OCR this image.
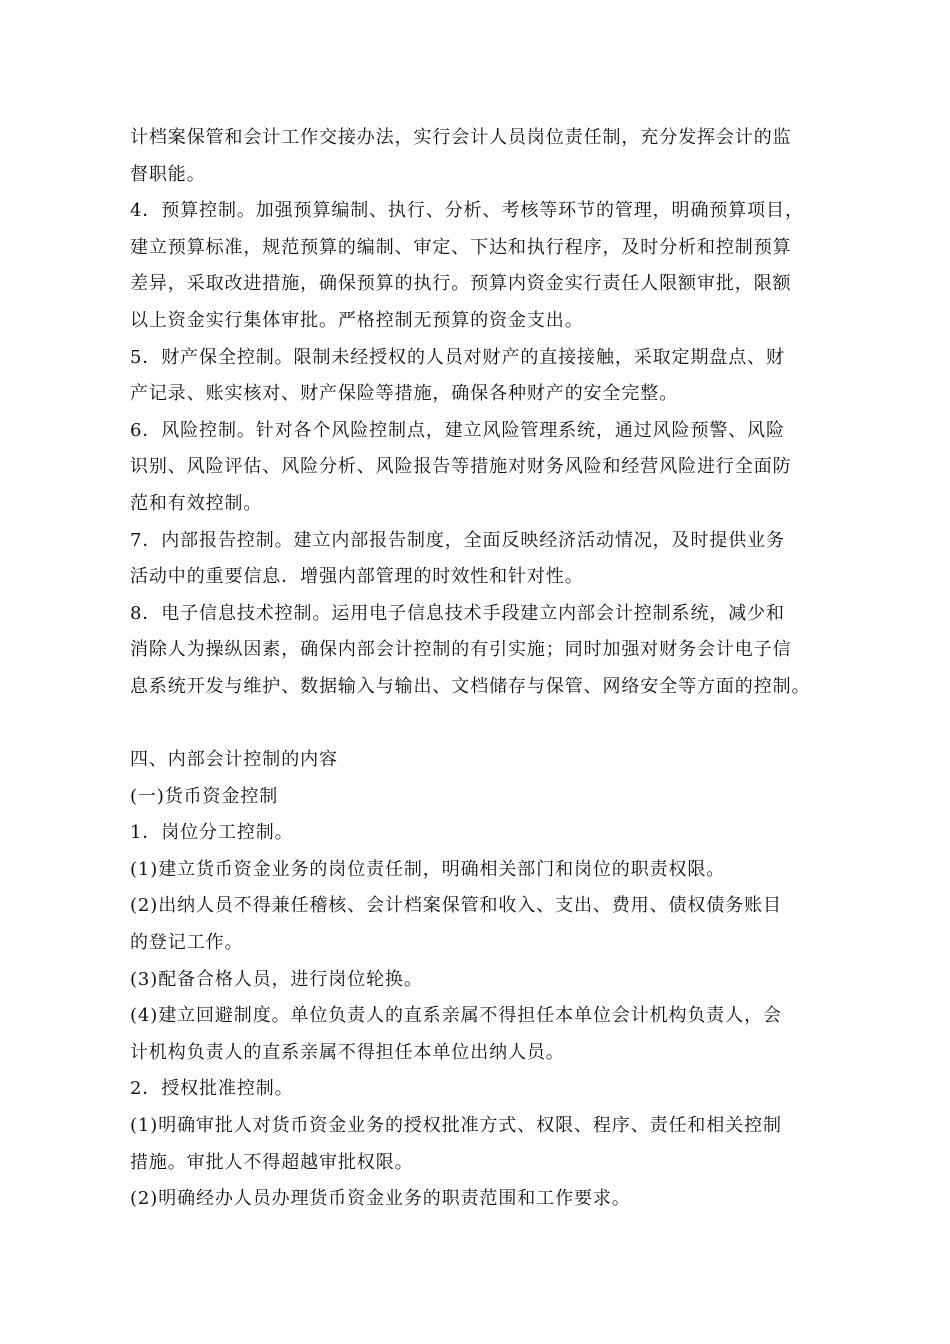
计档案保管和会计工作交接办法，实行会计人员岗位责任制，充分发挥会计的监
督职能。
4．预算控制。加强预算编制、执行、分析、考核等环节的管理，明确预算项目，
建立预算标准，规范预算的编制、审定、下达和执行程序，及时分析和控制预算
差异，采取改进措施，确保预算的执行。预算内资金实行责任人限额审批，限额
以上资金实行集体审批。严格控制无预算的资金支出。
5．财产保全控制。限制未经授权的人员对财产的直接接触，采取定期盘点、财
产记录、账实核对、财产保险等措施，确保各种财产的安全完整。
6．风险控制。针对各个风险控制点，建立风险管理系统，通过风险预警、风险
识别、风险评估、风险分析、风险报告等措施对财务风险和经营风险进行全面防
范和有效控制。
7．内部报告控制。建立内部报告制度，全面反映经济活动情况，及时提供业务
活动中的重要信息．增强内部管理的时效性和针对性。
8．电子信息技术控制。运用电子信息技术手段建立内部会计控制系统，减少和
消除人为操纵因素，确保内部会计控制的有引实施；同时加强对财务会计电子信
息系统开发与维护、数据输入与输出、文档储存与保管、网络安全等方面的控制。
四、内部会计控制的内容
(一)货币资金控制
1．岗位分工控制。
(1)建立货币资金业务的岗位责任制，明确相关部门和岗位的职责权限。
(2)出纳人员不得兼任稽核、会计档案保管和收入、支出、费用、债权债务账目
的登记工作。
(3)配备合格人员，进行岗位轮换。
(4)建立回避制度。单位负责人的直系亲属不得担任本单位会计机构负责人，会
计机构负责人的直系亲属不得担任本单位出纳人员。
2．授权批准控制。
(1)明确审批人对货币资金业务的授权批准方式、权限、程序、责任和相关控制
措施。审批人不得超越审批权限。
(2)明确经办人员办理货币资金业务的职责范围和工作要求。
